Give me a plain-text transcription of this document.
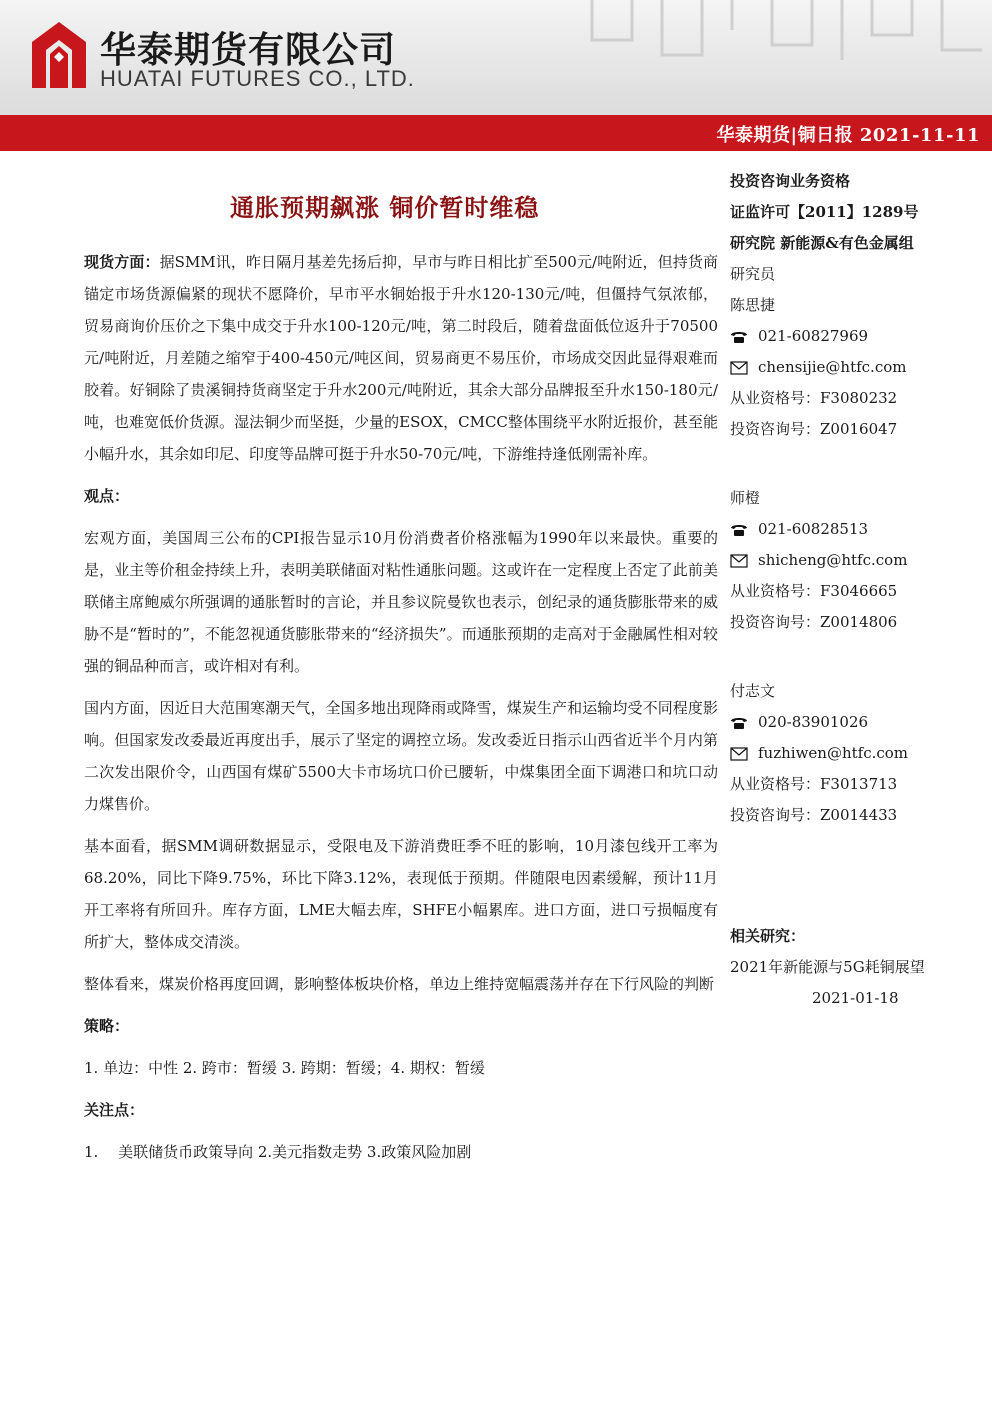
华泰期货有限公司
HUATAI FUTURES CO., LTD.
华泰期货|铜日报 2021-11-11
通胀预期飙涨 铜价暂时维稳

现货方面：据SMM讯，昨日隔月基差先扬后抑，早市与昨日相比扩至500元/吨附近，但持货商锚定市场货源偏紧的现状不愿降价，早市平水铜始报于升水120-130元/吨，但僵持气氛浓郁，贸易商询价压价之下集中成交于升水100-120元/吨，第二时段后，随着盘面低位返升于70500元/吨附近，月差随之缩窄于400-450元/吨区间，贸易商更不易压价，市场成交因此显得艰难而胶着。好铜除了贵溪铜持货商坚定于升水200元/吨附近，其余大部分品牌报至升水150-180元/吨，也难宽低价货源。湿法铜少而坚挺，少量的ESOX，CMCC整体围绕平水附近报价，甚至能小幅升水，其余如印尼、印度等品牌可挺于升水50-70元/吨，下游维持逢低刚需补库。

观点：

宏观方面，美国周三公布的CPI报告显示10月份消费者价格涨幅为1990年以来最快。重要的是，业主等价租金持续上升，表明美联储面对粘性通胀问题。这或许在一定程度上否定了此前美联储主席鲍威尔所强调的通胀暂时的言论，并且参议院曼钦也表示，创纪录的通货膨胀带来的威胁不是“暂时的”，不能忽视通货膨胀带来的“经济损失”。而通胀预期的走高对于金融属性相对较强的铜品种而言，或许相对有利。

国内方面，因近日大范围寒潮天气，全国多地出现降雨或降雪，煤炭生产和运输均受不同程度影响。但国家发改委最近再度出手，展示了坚定的调控立场。发改委近日指示山西省近半个月内第二次发出限价令，山西国有煤矿5500大卡市场坑口价已腰斩，中煤集团全面下调港口和坑口动力煤售价。

基本面看，据SMM调研数据显示，受限电及下游消费旺季不旺的影响，10月漆包线开工率为68.20%，同比下降9.75%，环比下降3.12%，表现低于预期。伴随限电因素缓解，预计11月开工率将有所回升。库存方面，LME大幅去库，SHFE小幅累库。进口方面，进口亏损幅度有所扩大，整体成交清淡。

整体看来，煤炭价格再度回调，影响整体板块价格，单边上维持宽幅震荡并存在下行风险的判断

策略：

1. 单边：中性 2. 跨市：暂缓 3. 跨期：暂缓；4. 期权：暂缓

关注点：

1.  美联储货币政策导向 2.美元指数走势 3.政策风险加剧

投资咨询业务资格
证监许可【2011】1289号
研究院 新能源&有色金属组
研究员
陈思捷
021-60827969
chensijie@htfc.com
从业资格号：F3080232
投资咨询号：Z0016047
师橙
021-60828513
shicheng@htfc.com
从业资格号：F3046665
投资咨询号：Z0014806
付志文
020-83901026
fuzhiwen@htfc.com
从业资格号：F3013713
投资咨询号：Z0014433
相关研究：
2021年新能源与5G耗铜展望
2021-01-18
